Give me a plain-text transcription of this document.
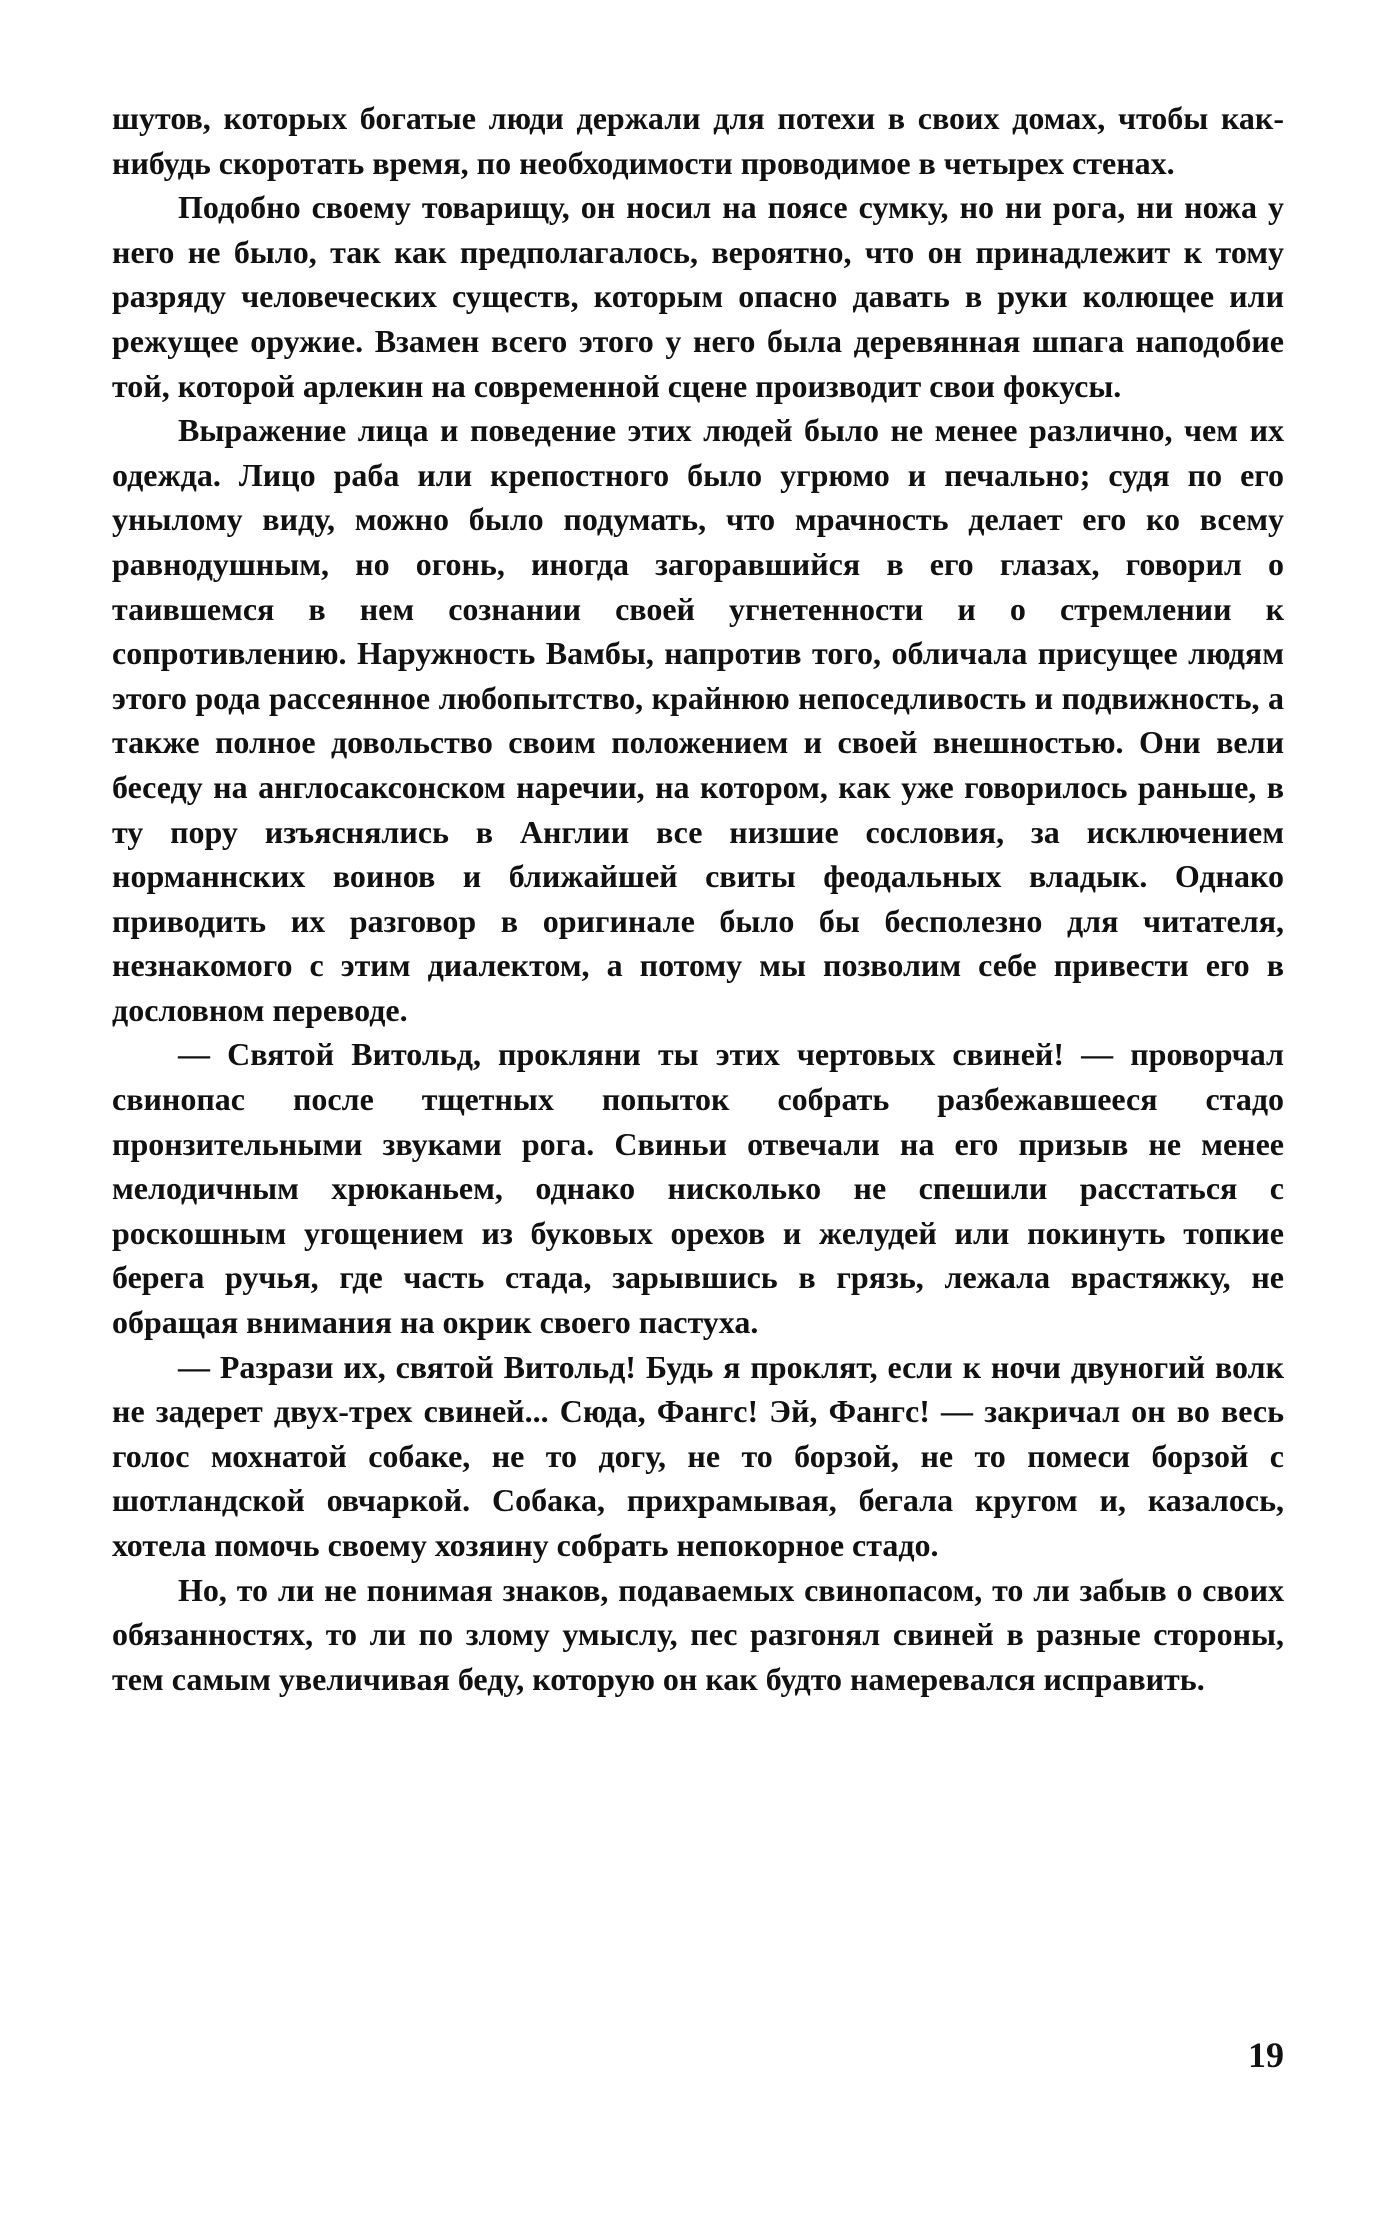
шутов, которых богатые люди держали для потехи в своих домах, чтобы как-нибудь скоротать время, по необходимости проводимое в четырех стенах.

Подобно своему товарищу, он носил на поясе сумку, но ни рога, ни ножа у него не было, так как предполагалось, вероятно, что он принадлежит к тому разряду человеческих существ, которым опасно давать в руки колющее или режущее оружие. Взамен всего этого у него была деревянная шпага наподобие той, которой арлекин на современной сцене производит свои фокусы.

Выражение лица и поведение этих людей было не менее различно, чем их одежда. Лицо раба или крепостного было угрюмо и печально; судя по его унылому виду, можно было подумать, что мрачность делает его ко всему равнодушным, но огонь, иногда загоравшийся в его глазах, говорил о таившемся в нем сознании своей угнетенности и о стремлении к сопротивлению. Наружность Вамбы, напротив того, обличала присущее людям этого рода рассеянное любопытство, крайнюю непоседливость и подвижность, а также полное довольство своим положением и своей внешностью. Они вели беседу на англосаксонском наречии, на котором, как уже говорилось раньше, в ту пору изъяснялись в Англии все низшие сословия, за исключением норманнских воинов и ближайшей свиты феодальных владык. Однако приводить их разговор в оригинале было бы бесполезно для читателя, незнакомого с этим диалектом, а потому мы позволим себе привести его в дословном переводе.

— Святой Витольд, прокляни ты этих чертовых свиней! — проворчал свинопас после тщетных попыток собрать разбежавшееся стадо пронзительными звуками рога. Свиньи отвечали на его призыв не менее мелодичным хрюканьем, однако нисколько не спешили расстаться с роскошным угощением из буковых орехов и желудей или покинуть топкие берега ручья, где часть стада, зарывшись в грязь, лежала врастяжку, не обращая внимания на окрик своего пастуха.

— Разрази их, святой Витольд! Будь я проклят, если к ночи двуногий волк не задерет двух-трех свиней... Сюда, Фангс! Эй, Фангс! — закричал он во весь голос мохнатой собаке, не то догу, не то борзой, не то помеси борзой с шотландской овчаркой. Собака, прихрамывая, бегала кругом и, казалось, хотела помочь своему хозяину собрать непокорное стадо.

Но, то ли не понимая знаков, подаваемых свинопасом, то ли забыв о своих обязанностях, то ли по злому умыслу, пес разгонял свиней в разные стороны, тем самым увеличивая беду, которую он как будто намеревался исправить.

19
